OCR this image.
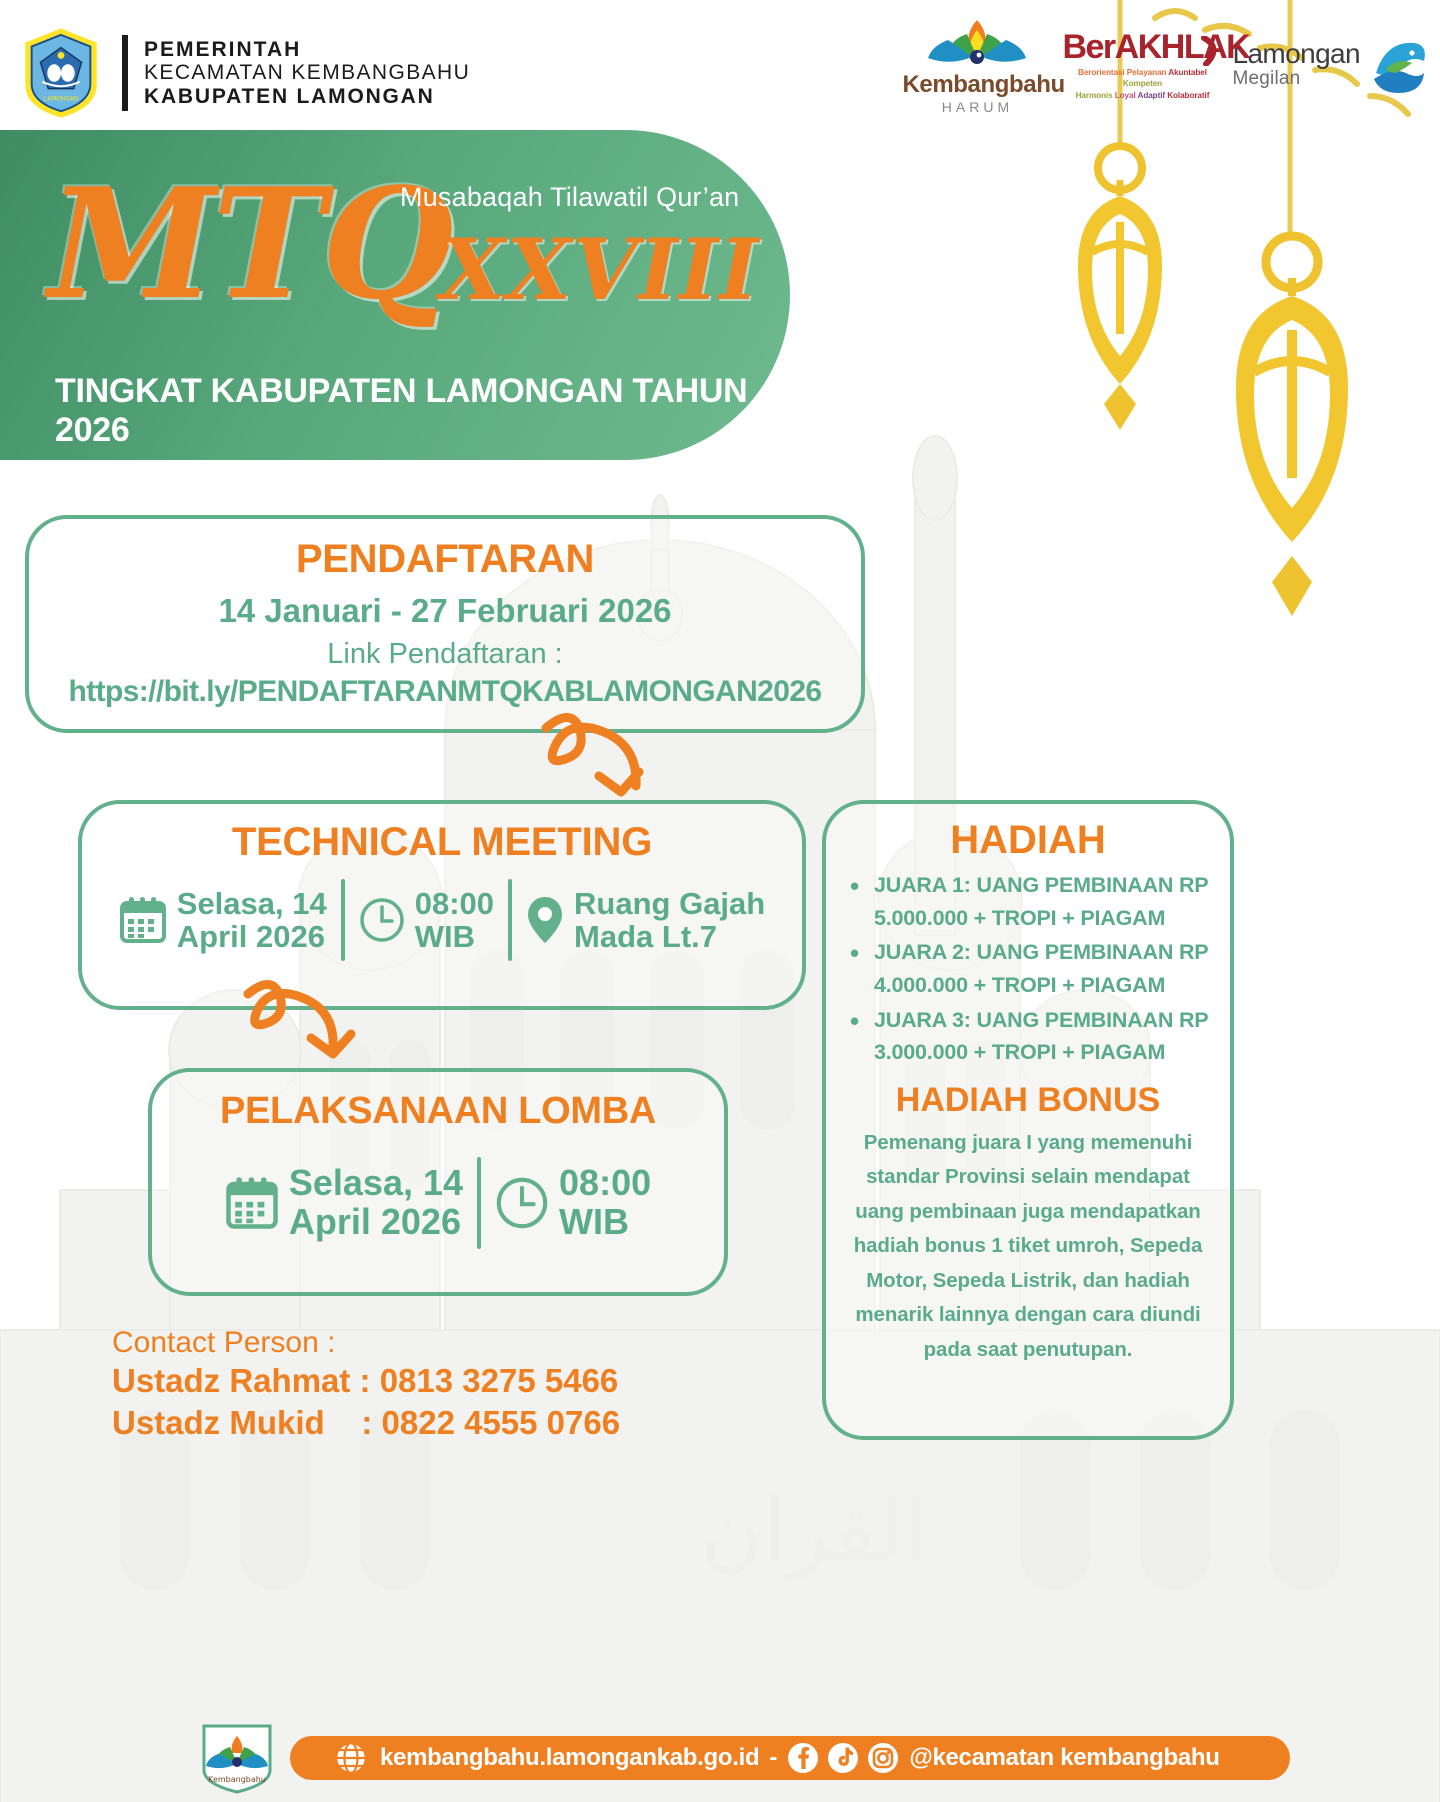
القران
LAMONGAN
PEMERINTAH
KECAMATAN KEMBANGBAHU
KABUPATEN LAMONGAN	Kembangbahu
HARUM
BerAKHLAK
Berorientasi Pelayanan Akuntabel Kompeten
Harmonis Loyal Adaptif Kolaboratif
Lamongan
Megilan
MTQ
Musabaqah Tilawatil Qur’an
XXVIII
TINGKAT KABUPATEN LAMONGAN TAHUN 2026
PENDAFTARAN
14 Januari - 27 Februari 2026
Link Pendaftaran :
https://bit.ly/PENDAFTARANMTQKABLAMONGAN2026
TECHNICAL MEETING
Selasa, 14
April 2026
08:00
WIB
Ruang Gajah
Mada Lt.7
PELAKSANAAN LOMBA
Selasa, 14
April 2026
08:00
WIB
HADIAH
• JUARA 1: UANG PEMBINAAN RP 5.000.000 + TROPI + PIAGAM
• JUARA 2: UANG PEMBINAAN RP 4.000.000 + TROPI + PIAGAM
• JUARA 3: UANG PEMBINAAN RP 3.000.000 + TROPI + PIAGAM
HADIAH BONUS
Pemenang juara I yang memenuhi standar Provinsi selain mendapat uang pembinaan juga mendapatkan hadiah bonus 1 tiket umroh, Sepeda Motor, Sepeda Listrik, dan hadiah menarik lainnya dengan cara diundi pada saat penutupan.
Contact Person :
Ustadz Rahmat : 0813 3275 5466
Ustadz Mukid    : 0822 4555 0766
Kembangbahu
kembangbahu.lamongankab.go.id -	@kecamatan kembangbahu
